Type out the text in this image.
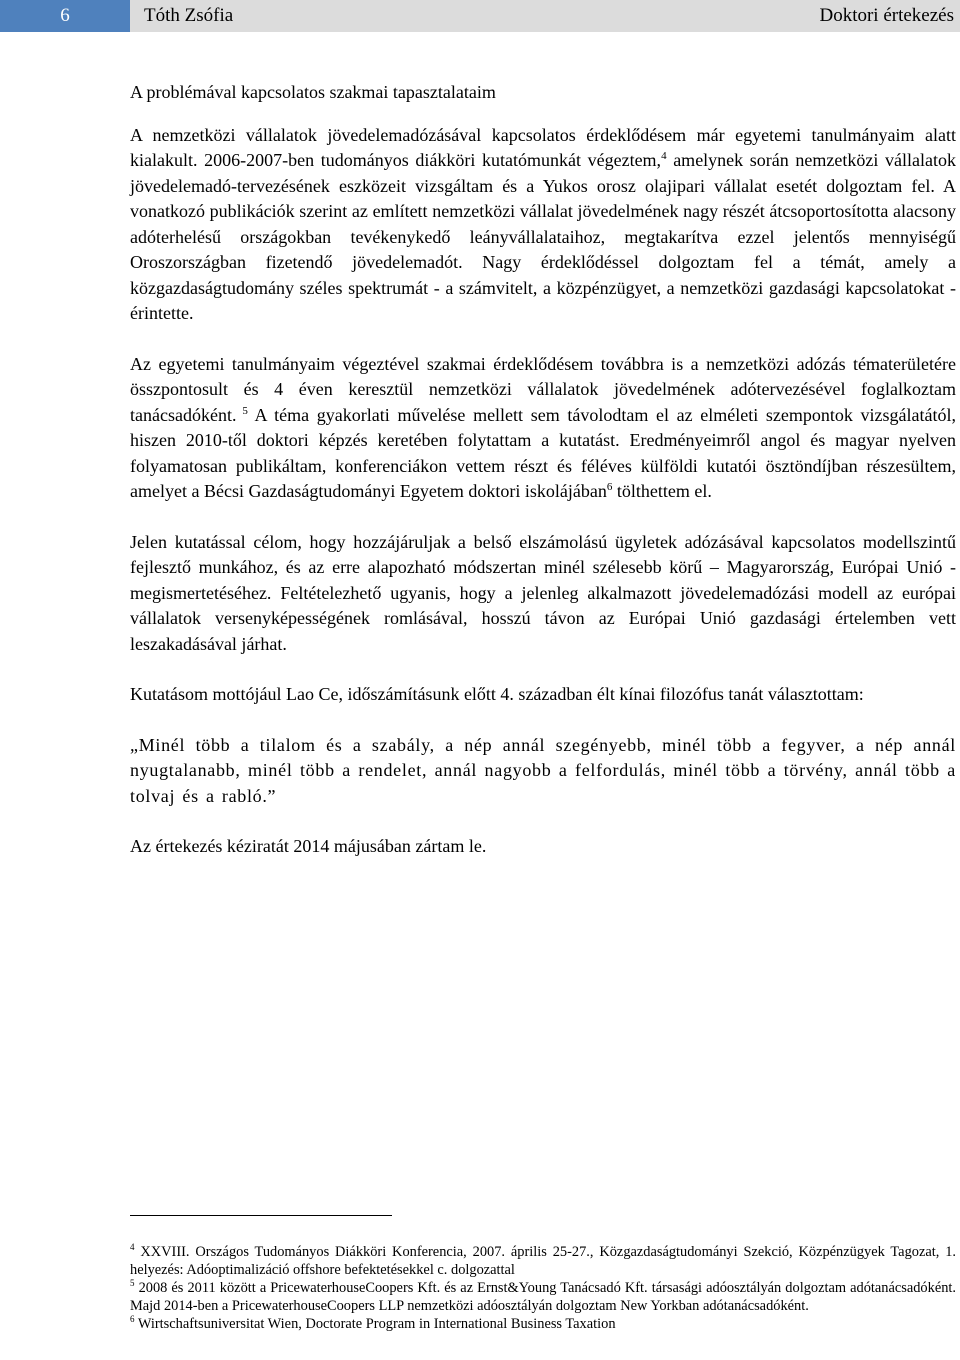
6	Tóth Zsófia	Doktori értekezés
A problémával kapcsolatos szakmai tapasztalataim

A nemzetközi vállalatok jövedelemadózásával kapcsolatos érdeklődésem már egyetemi tanulmányaim alatt kialakult. 2006-2007-ben tudományos diákköri kutatómunkát végeztem,$^4$ amelynek során nemzetközi vállalatok jövedelemadó-tervezésének eszközeit vizsgáltam és a Yukos orosz olajipari vállalat esetét dolgoztam fel. A vonatkozó publikációk szerint az említett nemzetközi vállalat jövedelmének nagy részét átcsoportosította alacsony adóterhelésű országokban tevékenykedő leányvállalataihoz, megtakarítva ezzel jelentős mennyiségű Oroszországban fizetendő jövedelemadót. Nagy érdeklődéssel dolgoztam fel a témát, amely a közgazdaságtudomány széles spektrumát - a számvitelt, a közpénzügyet, a nemzetközi gazdasági kapcsolatokat - érintette.

Az egyetemi tanulmányaim végeztével szakmai érdeklődésem továbbra is a nemzetközi adózás tématerületére összpontosult és 4 éven keresztül nemzetközi vállalatok jövedelmének adótervezésével foglalkoztam tanácsadóként. $^5$ A téma gyakorlati művelése mellett sem távolodtam el az elméleti szempontok vizsgálatától, hiszen 2010-től doktori képzés keretében folytattam a kutatást. Eredményeimről angol és magyar nyelven folyamatosan publikáltam, konferenciákon vettem részt és féléves külföldi kutatói ösztöndíjban részesültem, amelyet a Bécsi Gazdaságtudományi Egyetem doktori iskolájában$^6$ tölthettem el.

Jelen kutatással célom, hogy hozzájáruljak a belső elszámolású ügyletek adózásával kapcsolatos modellszintű fejlesztő munkához, és az erre alapozható módszertan minél szélesebb körű – Magyarország, Európai Unió - megismertetéséhez. Feltételezhető ugyanis, hogy a jelenleg alkalmazott jövedelemadózási modell az európai vállalatok versenyképességének romlásával, hosszú távon az Európai Unió gazdasági értelemben vett leszakadásával járhat.

Kutatásom mottójául Lao Ce, időszámításunk előtt 4. században élt kínai filozófus tanát választottam:

„Minél több a tilalom és a szabály, a nép annál szegényebb, minél több a fegyver, a nép annál nyugtalanabb, minél több a rendelet, annál nagyobb a felfordulás, minél több a törvény, annál több a tolvaj és a rabló.”

Az értekezés kéziratát 2014 májusában zártam le.

$^4$ XXVIII. Országos Tudományos Diákköri Konferencia, 2007. április 25-27., Közgazdaságtudományi Szekció, Közpénzügyek Tagozat, 1. helyezés: Adóoptimalizáció offshore befektetésekkel c. dolgozattal

$^5$ 2008 és 2011 között a PricewaterhouseCoopers Kft. és az Ernst&Young Tanácsadó Kft. társasági adóosztályán dolgoztam adótanácsadóként. Majd 2014-ben a PricewaterhouseCoopers LLP nemzetközi adóosztályán dolgoztam New Yorkban adótanácsadóként.

$^6$ Wirtschaftsuniversitat Wien, Doctorate Program in International Business Taxation
